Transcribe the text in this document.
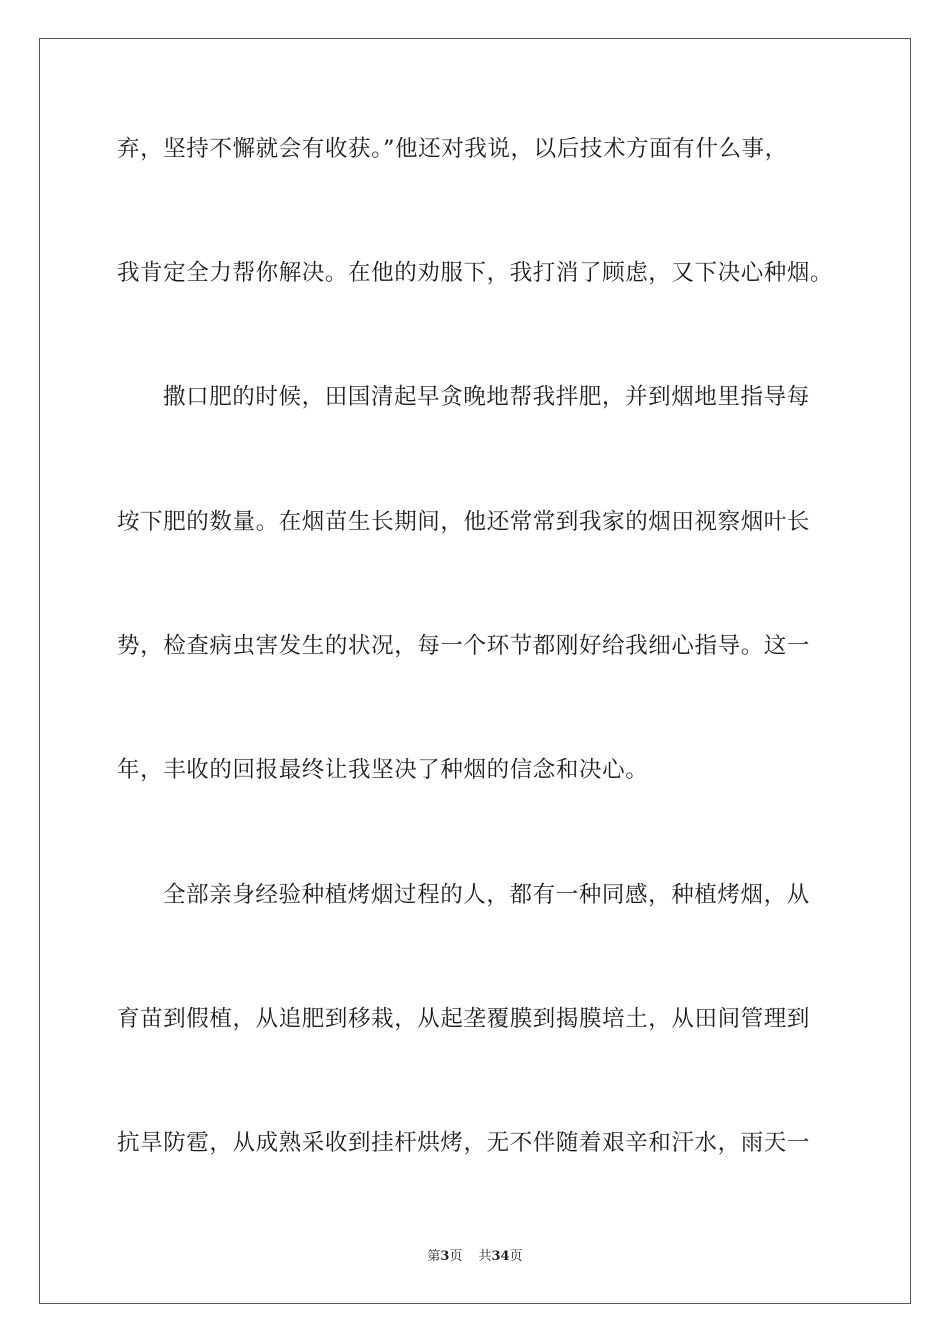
弃，坚持不懈就会有收获。”他还对我说，以后技术方面有什么事，
我肯定全力帮你解决。在他的劝服下，我打消了顾虑，又下决心种烟。
撒口肥的时候，田国清起早贪晚地帮我拌肥，并到烟地里指导每
垵下肥的数量。在烟苗生长期间，他还常常到我家的烟田视察烟叶长
势，检查病虫害发生的状况，每一个环节都刚好给我细心指导。这一
年，丰收的回报最终让我坚决了种烟的信念和决心。
全部亲身经验种植烤烟过程的人，都有一种同感，种植烤烟，从
育苗到假植，从追肥到移栽，从起垄覆膜到揭膜培土，从田间管理到
抗旱防雹，从成熟采收到挂杆烘烤，无不伴随着艰辛和汗水，雨天一
第3页 共34页
